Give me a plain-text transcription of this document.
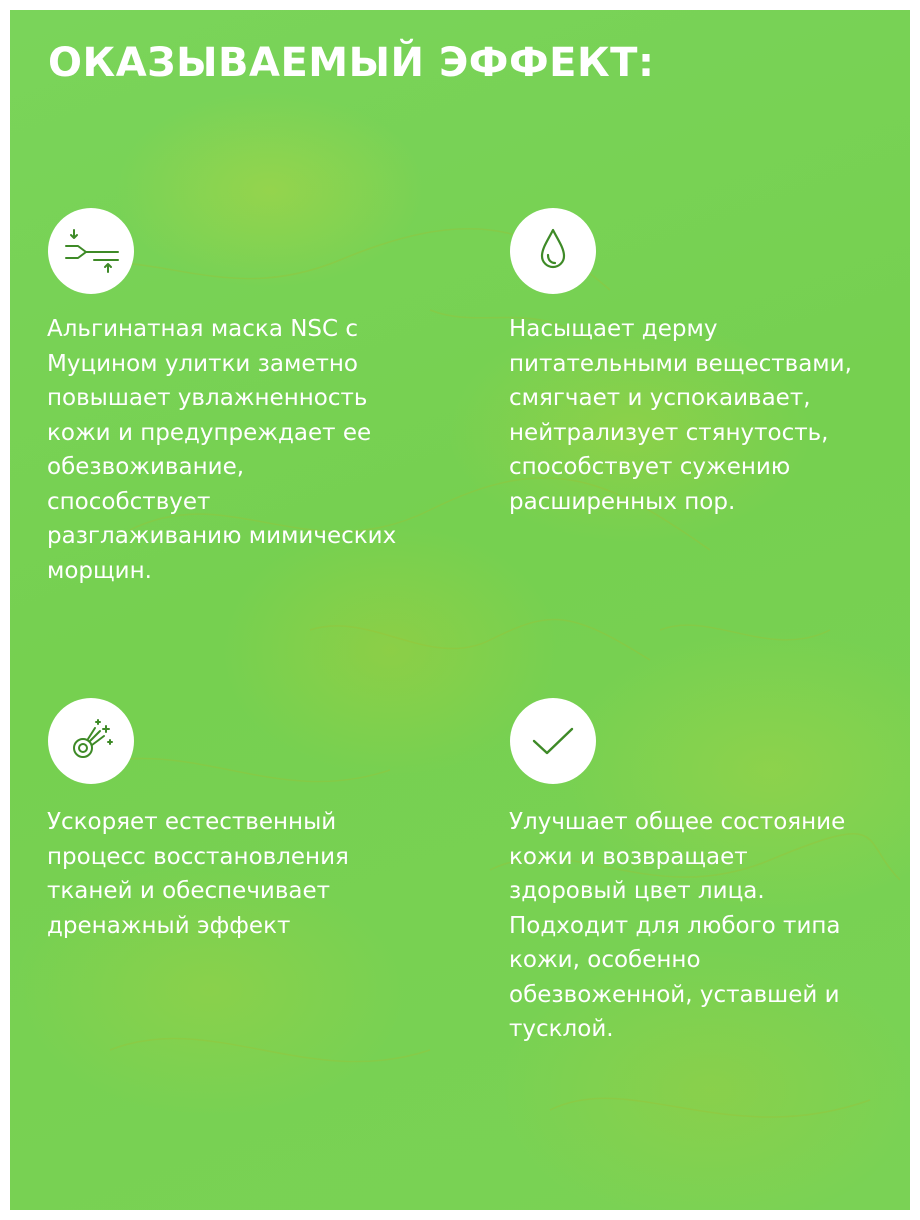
ОКАЗЫВАЕМЫЙ ЭФФЕКТ:

Альгинатная маска NSC с
Муцином улитки заметно
повышает увлажненность
кожи и предупреждает ее
обезвоживание,
способствует
разглаживанию мимических
морщин.

Насыщает дерму
питательными веществами,
смягчает и успокаивает,
нейтрализует стянутость,
способствует сужению
расширенных пор.

Ускоряет естественный
процесс восстановления
тканей и обеспечивает
дренажный эффект

Улучшает общее состояние
кожи и возвращает
здоровый цвет лица.
Подходит для любого типа
кожи, особенно
обезвоженной, уставшей и
тусклой.
